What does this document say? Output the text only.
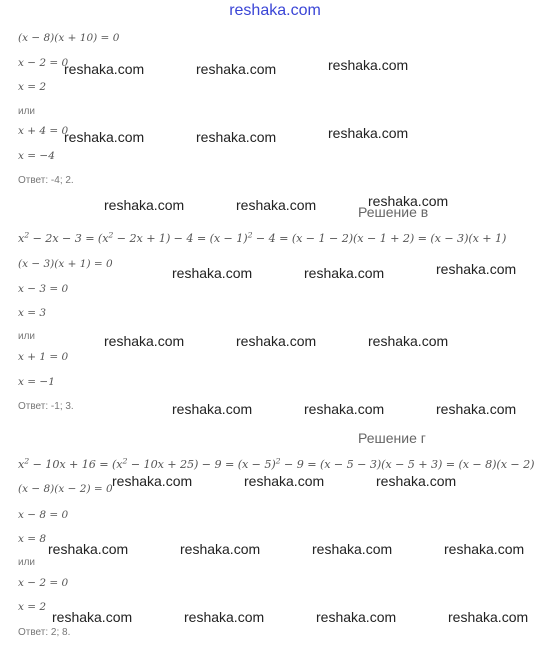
reshaka.com
(x − 8)(x + 10) = 0
x − 2 = 0
x = 2
или
x + 4 = 0
x = −4
Ответ: -4; 2.
Решение в
$x^2 - 2x - 3 = (x^2 - 2x + 1) - 4 = (x - 1)^2 - 4 = (x - 1 - 2)(x - 1 + 2) = (x - 3)(x + 1)$
(x − 3)(x + 1) = 0
x − 3 = 0
x = 3
или
x + 1 = 0
x = −1
Ответ: -1; 3.
Решение г
$x^2 - 10x + 16 = (x^2 - 10x + 25) - 9 = (x - 5)^2 - 9 = (x - 5 - 3)(x - 5 + 3) = (x - 8)(x - 2)$
(x − 8)(x − 2) = 0
x − 8 = 0
x = 8
или
x − 2 = 0
x = 2
Ответ: 2; 8.
reshaka.com	reshaka.com	reshaka.com
reshaka.com	reshaka.com	reshaka.com
reshaka.com	reshaka.com	reshaka.com
reshaka.com	reshaka.com	reshaka.com
reshaka.com	reshaka.com	reshaka.com
reshaka.com	reshaka.com	reshaka.com
reshaka.com	reshaka.com	reshaka.com
reshaka.com	reshaka.com	reshaka.com	reshaka.com
reshaka.com	reshaka.com	reshaka.com	reshaka.com
